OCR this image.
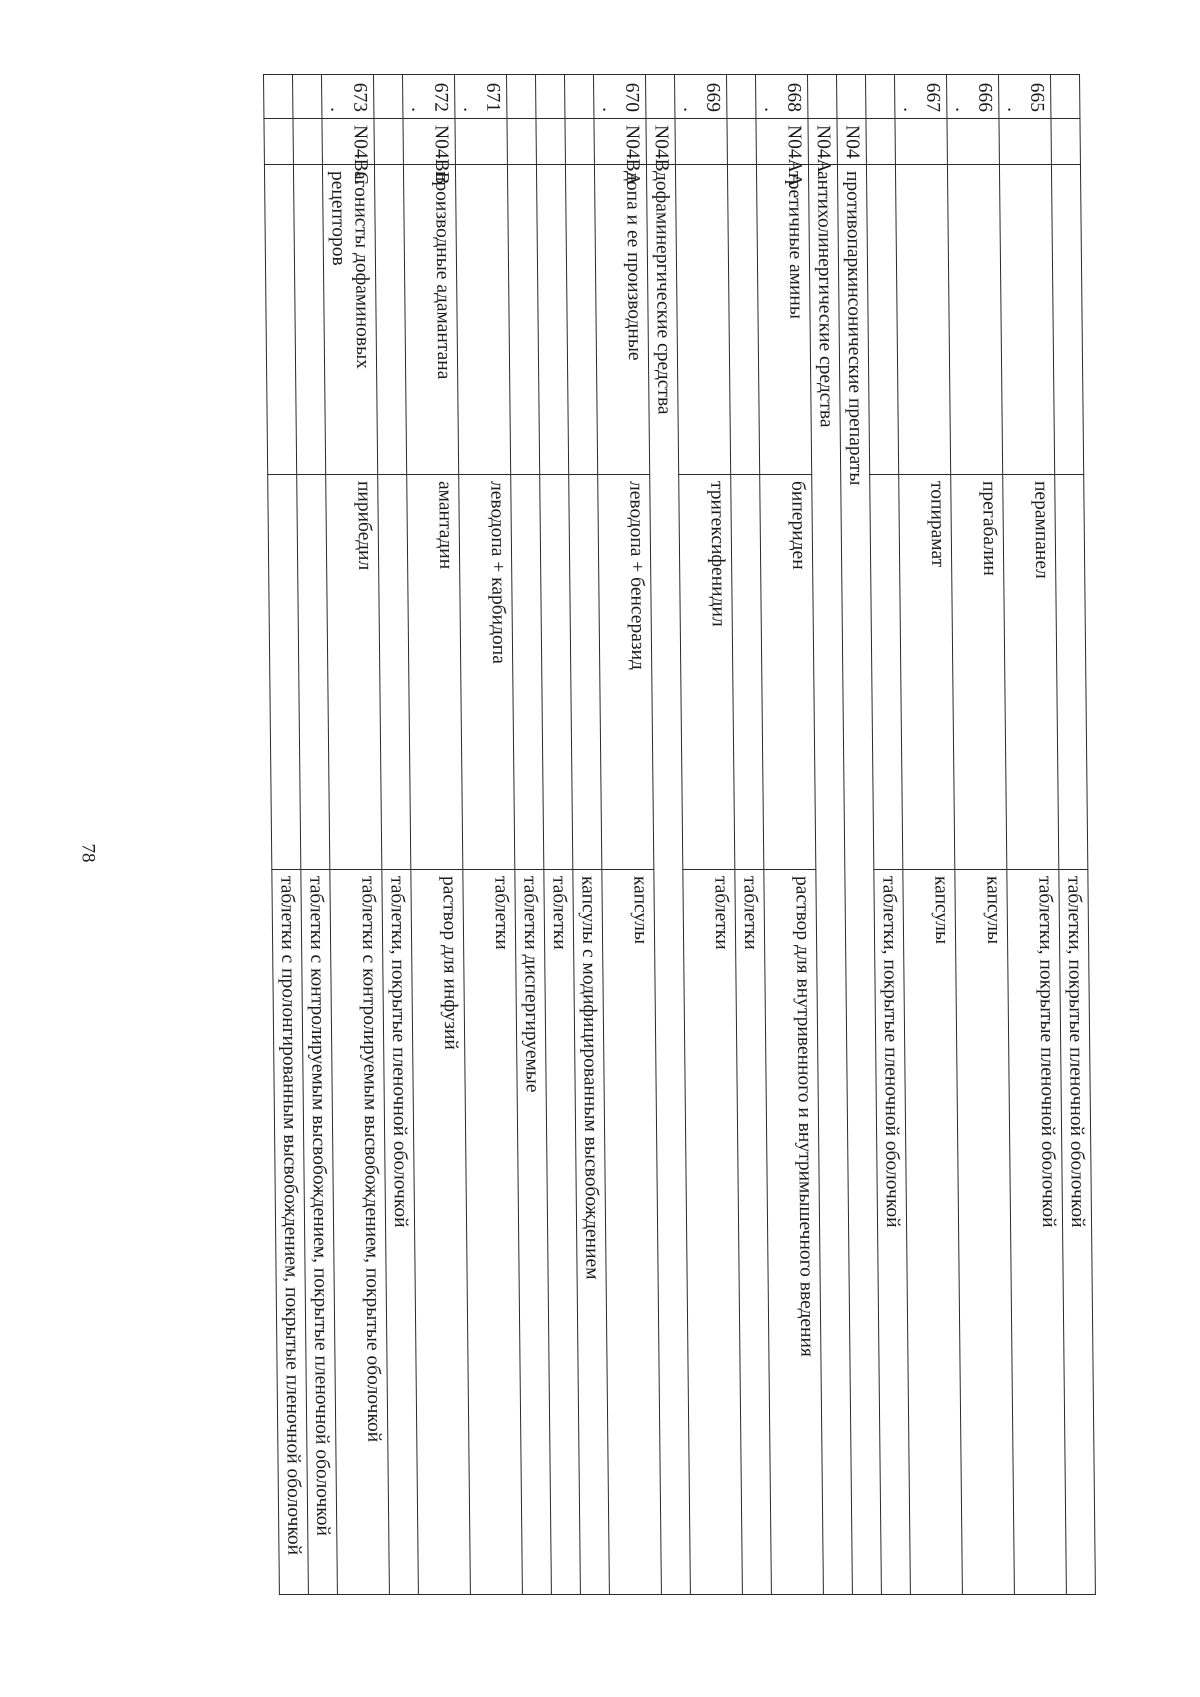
78
				таблетки, покрытые пленочной оболочкой
665.			перампанел	таблетки, покрытые пленочной оболочкой
666.			прегабалин	капсулы
667.			топирамат	капсулы
				таблетки, покрытые пленочной оболочкой
	N04	противопаркинсонические препараты		
	N04A	антихолинергические средства		
668.	N04AA	третичные амины	бипериден	раствор для внутривенного и внутримышечного введения
				таблетки
669.			тригексифенидил	таблетки
	N04B	дофаминергические средства		
670.	N04BA	допа и ее производные	леводопа + бенсеразид	капсулы
				капсулы с модифицированным высвобождением
				таблетки
				таблетки диспергируемые
671.			леводопа + карбидопа	таблетки
672.	N04BB	производные адамантана	амантадин	раствор для инфузий
				таблетки, покрытые пленочной оболочкой
673.	N04BC	агонисты дофаминовых рецепторов	пирибедил	таблетки с контролируемым высвобождением, покрытые оболочкой
				таблетки с контролируемым высвобождением, покрытые пленочной оболочкой
				таблетки с пролонгированным высвобождением, покрытые пленочной оболочкой
